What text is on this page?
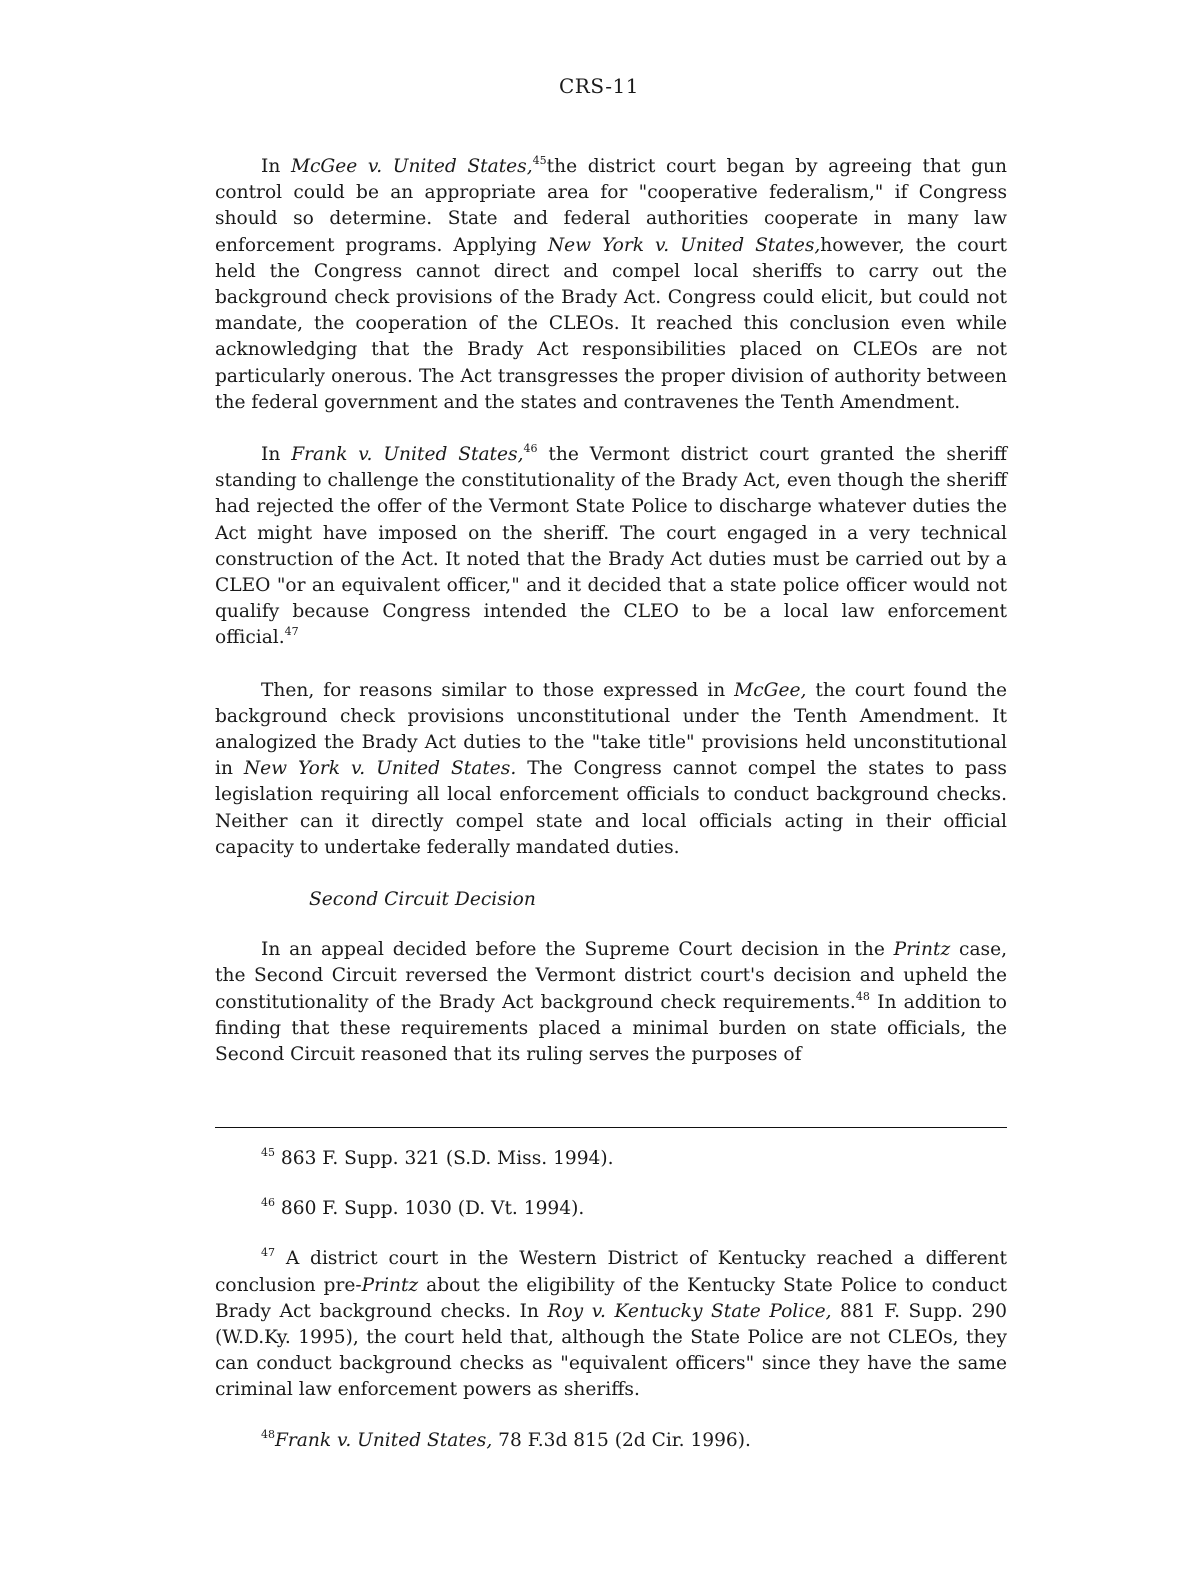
CRS-11

In McGee v. United States,$^{45}$the district court began by agreeing that gun control could be an appropriate area for "cooperative federalism," if Congress should so determine. State and federal authorities cooperate in many law enforcement programs. Applying New York v. United States,however, the court held the Congress cannot direct and compel local sheriffs to carry out the background check provisions of the Brady Act. Congress could elicit, but could not mandate, the cooperation of the CLEOs. It reached this conclusion even while acknowledging that the Brady Act responsibilities placed on CLEOs are not particularly onerous. The Act transgresses the proper division of authority between the federal government and the states and contravenes the Tenth Amendment.

In Frank v. United States,$^{46}$ the Vermont district court granted the sheriff standing to challenge the constitutionality of the Brady Act, even though the sheriff had rejected the offer of the Vermont State Police to discharge whatever duties the Act might have imposed on the sheriff. The court engaged in a very technical construction of the Act. It noted that the Brady Act duties must be carried out by a CLEO "or an equivalent officer," and it decided that a state police officer would not qualify because Congress intended the CLEO to be a local law enforcement official.$^{47}$

Then, for reasons similar to those expressed in McGee, the court found the background check provisions unconstitutional under the Tenth Amendment. It analogized the Brady Act duties to the "take title" provisions held unconstitutional in New York v. United States. The Congress cannot compel the states to pass legislation requiring all local enforcement officials to conduct background checks. Neither can it directly compel state and local officials acting in their official capacity to undertake federally mandated duties.

Second Circuit Decision

In an appeal decided before the Supreme Court decision in the Printz case, the Second Circuit reversed the Vermont district court's decision and upheld the constitutionality of the Brady Act background check requirements.$^{48}$ In addition to finding that these requirements placed a minimal burden on state officials, the Second Circuit reasoned that its ruling serves the purposes of

$^{45}$ 863 F. Supp. 321 (S.D. Miss. 1994).

$^{46}$ 860 F. Supp. 1030 (D. Vt. 1994).

$^{47}$ A district court in the Western District of Kentucky reached a different conclusion pre-Printz about the eligibility of the Kentucky State Police to conduct Brady Act background checks. In Roy v. Kentucky State Police, 881 F. Supp. 290 (W.D.Ky. 1995), the court held that, although the State Police are not CLEOs, they can conduct background checks as "equivalent officers" since they have the same criminal law enforcement powers as sheriffs.

$^{48}$Frank v. United States, 78 F.3d 815 (2d Cir. 1996).
